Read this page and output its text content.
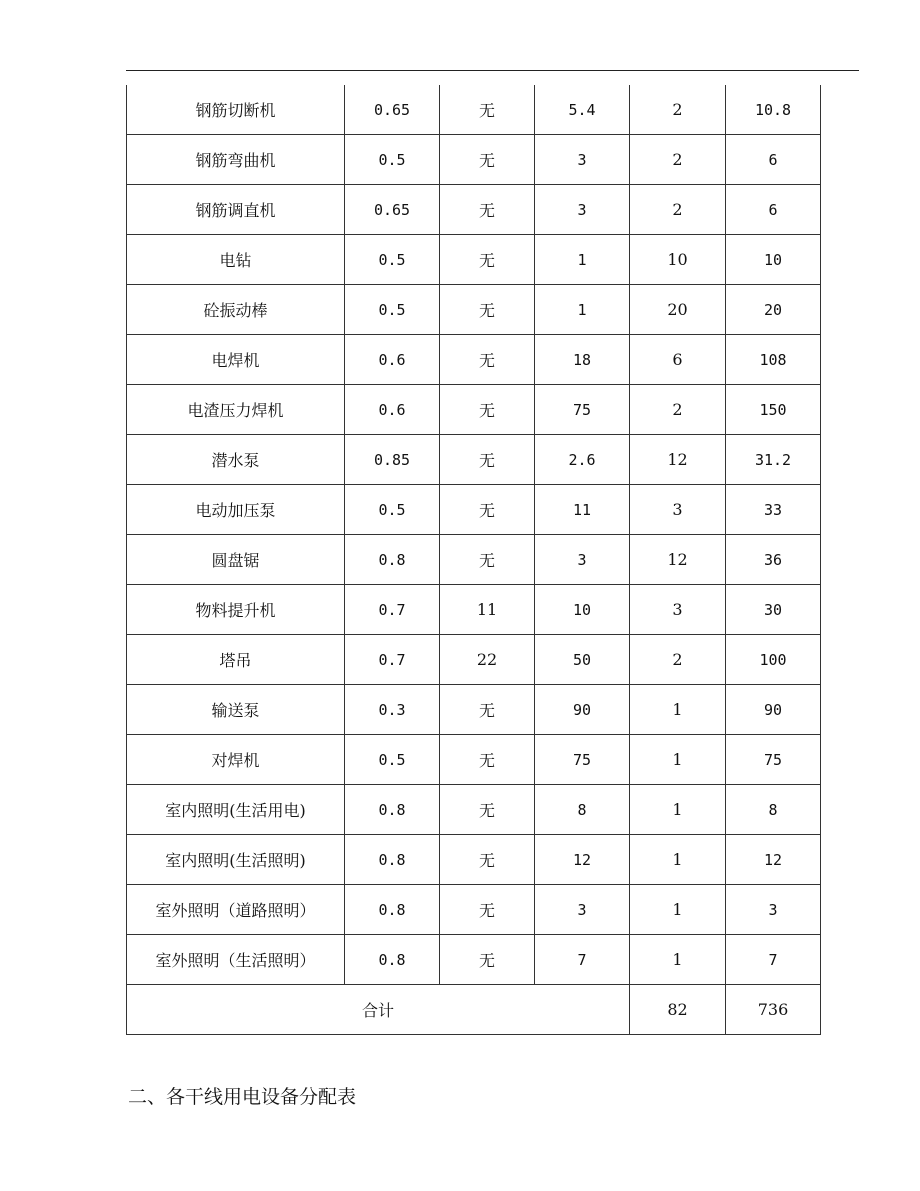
钢筋切断机	0.65	无	5.4	2	10.8
钢筋弯曲机	0.5	无	3	2	6
钢筋调直机	0.65	无	3	2	6
电钻	0.5	无	1	10	10
砼振动棒	0.5	无	1	20	20
电焊机	0.6	无	18	6	108
电渣压力焊机	0.6	无	75	2	150
潜水泵	0.85	无	2.6	12	31.2
电动加压泵	0.5	无	11	3	33
圆盘锯	0.8	无	3	12	36
物料提升机	0.7	11	10	3	30
塔吊	0.7	22	50	2	100
输送泵	0.3	无	90	1	90
对焊机	0.5	无	75	1	75
室内照明(生活用电)	0.8	无	8	1	8
室内照明(生活照明)	0.8	无	12	1	12
室外照明（道路照明）	0.8	无	3	1	3
室外照明（生活照明）	0.8	无	7	1	7
合计				82	736
二、各干线用电设备分配表
